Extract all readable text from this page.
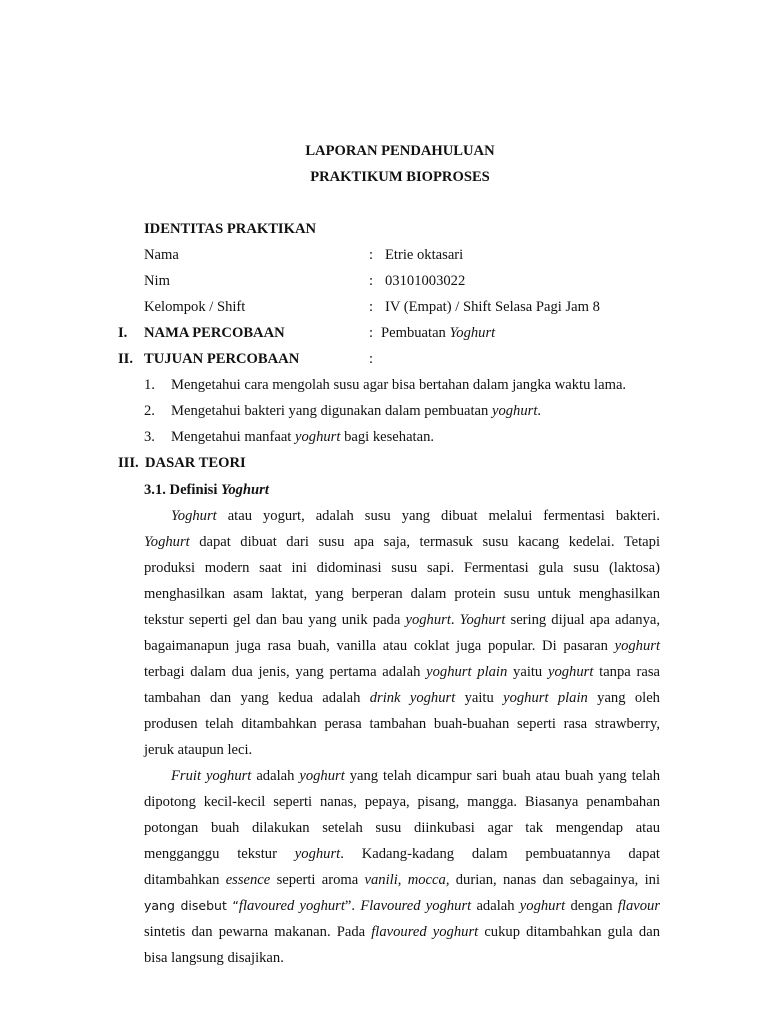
LAPORAN PENDAHULUAN
PRAKTIKUM BIOPROSES
IDENTITAS PRAKTIKAN
Nama	: Etrie oktasari
Nim	: 03101003022
Kelompok / Shift	: IV (Empat) / Shift Selasa Pagi Jam 8
I. NAMA PERCOBAAN	: Pembuatan Yoghurt
II. TUJUAN PERCOBAAN	:
1. Mengetahui cara mengolah susu agar bisa bertahan dalam jangka waktu lama.
2. Mengetahui bakteri yang digunakan dalam pembuatan yoghurt.
3. Mengetahui manfaat yoghurt bagi kesehatan.
III. DASAR TEORI
3.1. Definisi Yoghurt
Yoghurt atau yogurt, adalah susu yang dibuat melalui fermentasi bakteri.
Yoghurt dapat dibuat dari susu apa saja, termasuk susu kacang kedelai. Tetapi
produksi modern saat ini didominasi susu sapi. Fermentasi gula susu (laktosa)
menghasilkan asam laktat, yang berperan dalam protein susu untuk menghasilkan
tekstur seperti gel dan bau yang unik pada yoghurt. Yoghurt sering dijual apa adanya,
bagaimanapun juga rasa buah, vanilla atau coklat juga popular. Di pasaran yoghurt
terbagi dalam dua jenis, yang pertama adalah yoghurt plain yaitu yoghurt tanpa rasa
tambahan dan yang kedua adalah drink yoghurt yaitu yoghurt plain yang oleh
produsen telah ditambahkan perasa tambahan buah-buahan seperti rasa strawberry,
jeruk ataupun leci.
Fruit yoghurt adalah yoghurt yang telah dicampur sari buah atau buah yang telah
dipotong kecil-kecil seperti nanas, pepaya, pisang, mangga. Biasanya penambahan
potongan buah dilakukan setelah susu diinkubasi agar tak mengendap atau
mengganggu tekstur yoghurt. Kadang-kadang dalam pembuatannya dapat
ditambahkan essence seperti aroma vanili, mocca, durian, nanas dan sebagainya, ini
yang disebut “flavoured yoghurt”. Flavoured yoghurt adalah yoghurt dengan flavour
sintetis dan pewarna makanan. Pada flavoured yoghurt cukup ditambahkan gula dan
bisa langsung disajikan.
